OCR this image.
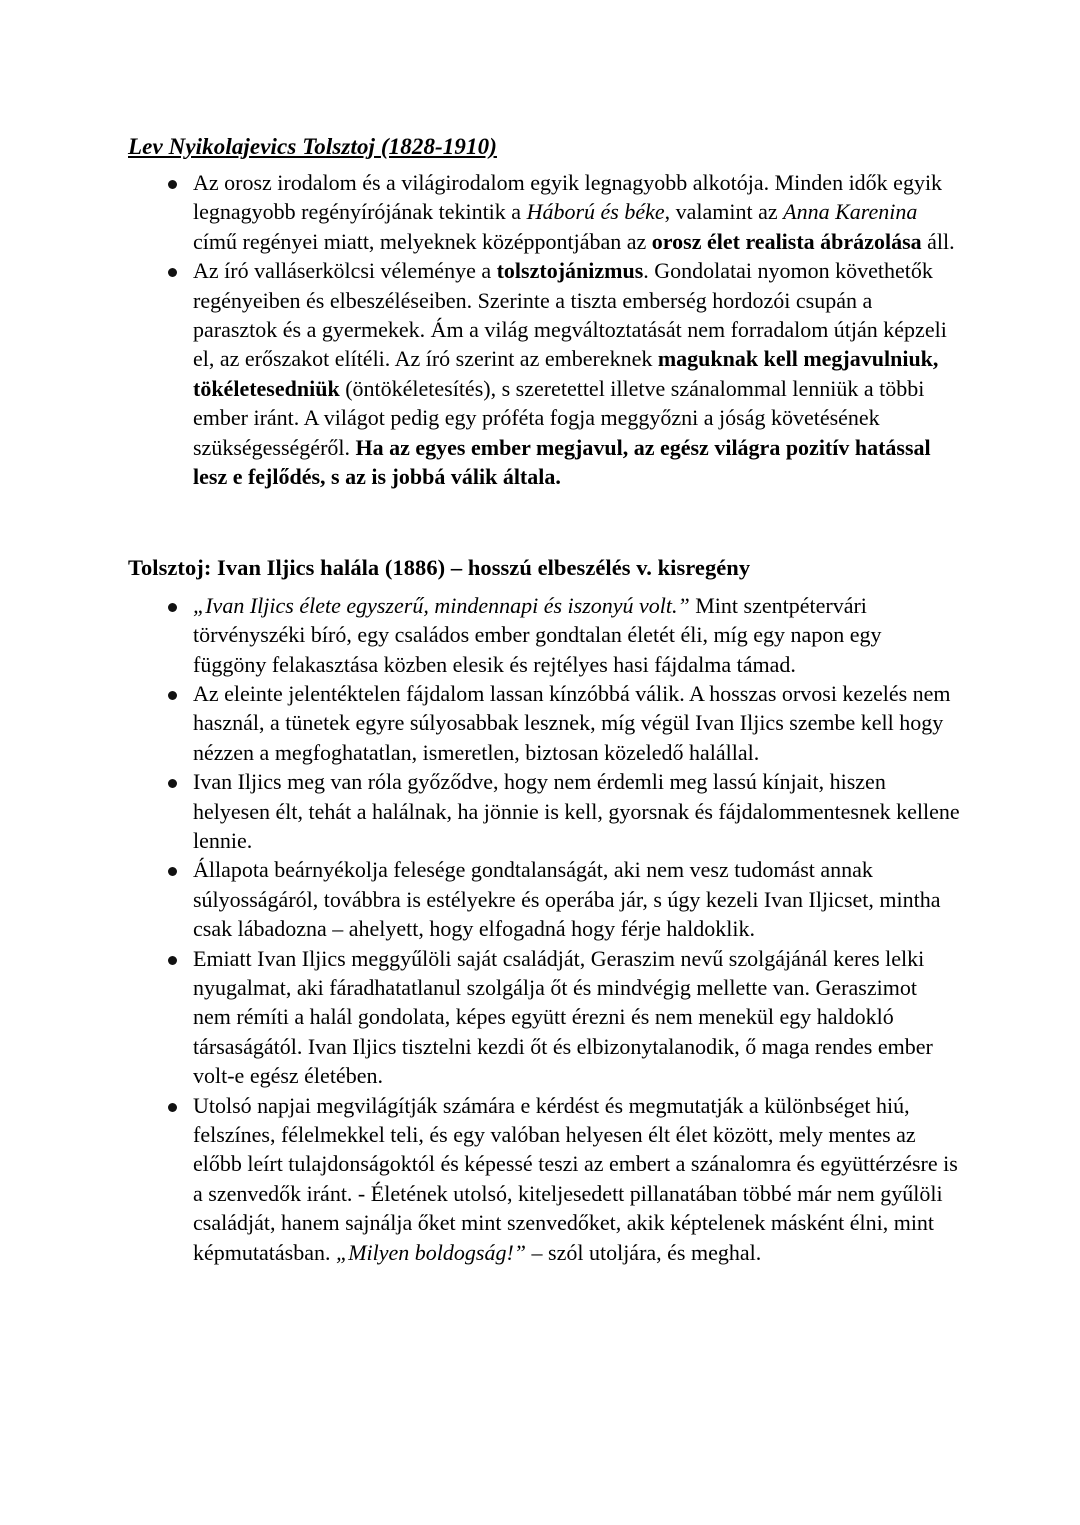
Lev Nyikolajevics Tolsztoj (1828-1910)
Az orosz irodalom és a világirodalom egyik legnagyobb alkotója. Minden idők egyik legnagyobb regényírójának tekintik a Háború és béke, valamint az Anna Karenina című regényei miatt, melyeknek középpontjában az orosz élet realista ábrázolása áll.
Az író valláserkölcsi véleménye a tolsztojánizmus. Gondolatai nyomon követhetők regényeiben és elbeszéléseiben. Szerinte a tiszta emberség hordozói csupán a parasztok és a gyermekek. Ám a világ megváltoztatását nem forradalom útján képzeli el, az erőszakot elítéli. Az író szerint az embereknek maguknak kell megjavulniuk, tökéletesedniük (öntökéletesítés), s szeretettel illetve szánalommal lenniük a többi ember iránt. A világot pedig egy próféta fogja meggyőzni a jóság követésének szükségességéről. Ha az egyes ember megjavul, az egész világra pozitív hatással lesz e fejlődés, s az is jobbá válik általa.
Tolsztoj: Ivan Iljics halála (1886) – hosszú elbeszélés v. kisregény
„Ivan Iljics élete egyszerű, mindennapi és iszonyú volt.” Mint szentpétervári törvényszéki bíró, egy családos ember gondtalan életét éli, míg egy napon egy függöny felakasztása közben elesik és rejtélyes hasi fájdalma támad.
Az eleinte jelentéktelen fájdalom lassan kínzóbbá válik. A hosszas orvosi kezelés nem használ, a tünetek egyre súlyosabbak lesznek, míg végül Ivan Iljics szembe kell hogy nézzen a megfoghatatlan, ismeretlen, biztosan közeledő halállal.
Ivan Iljics meg van róla győződve, hogy nem érdemli meg lassú kínjait, hiszen helyesen élt, tehát a halálnak, ha jönnie is kell, gyorsnak és fájdalommentesnek kellene lennie.
Állapota beárnyékolja felesége gondtalanságát, aki nem vesz tudomást annak súlyosságáról, továbbra is estélyekre és operába jár, s úgy kezeli Ivan Iljicset, mintha csak lábadozna – ahelyett, hogy elfogadná hogy férje haldoklik.
Emiatt Ivan Iljics meggyűlöli saját családját, Geraszim nevű szolgájánál keres lelki nyugalmat, aki fáradhatatlanul szolgálja őt és mindvégig mellette van. Geraszimot nem rémíti a halál gondolata, képes együtt érezni és nem menekül egy haldokló társaságától. Ivan Iljics tisztelni kezdi őt és elbizonytalanodik, ő maga rendes ember volt-e egész életében.
Utolsó napjai megvilágítják számára e kérdést és megmutatják a különbséget hiú, felszínes, félelmekkel teli, és egy valóban helyesen élt élet között, mely mentes az előbb leírt tulajdonságoktól és képessé teszi az embert a szánalomra és együttérzésre is a szenvedők iránt. - Életének utolsó, kiteljesedett pillanatában többé már nem gyűlöli családját, hanem sajnálja őket mint szenvedőket, akik képtelenek másként élni, mint képmutatásban. „Milyen boldogság!” – szól utoljára, és meghal.
